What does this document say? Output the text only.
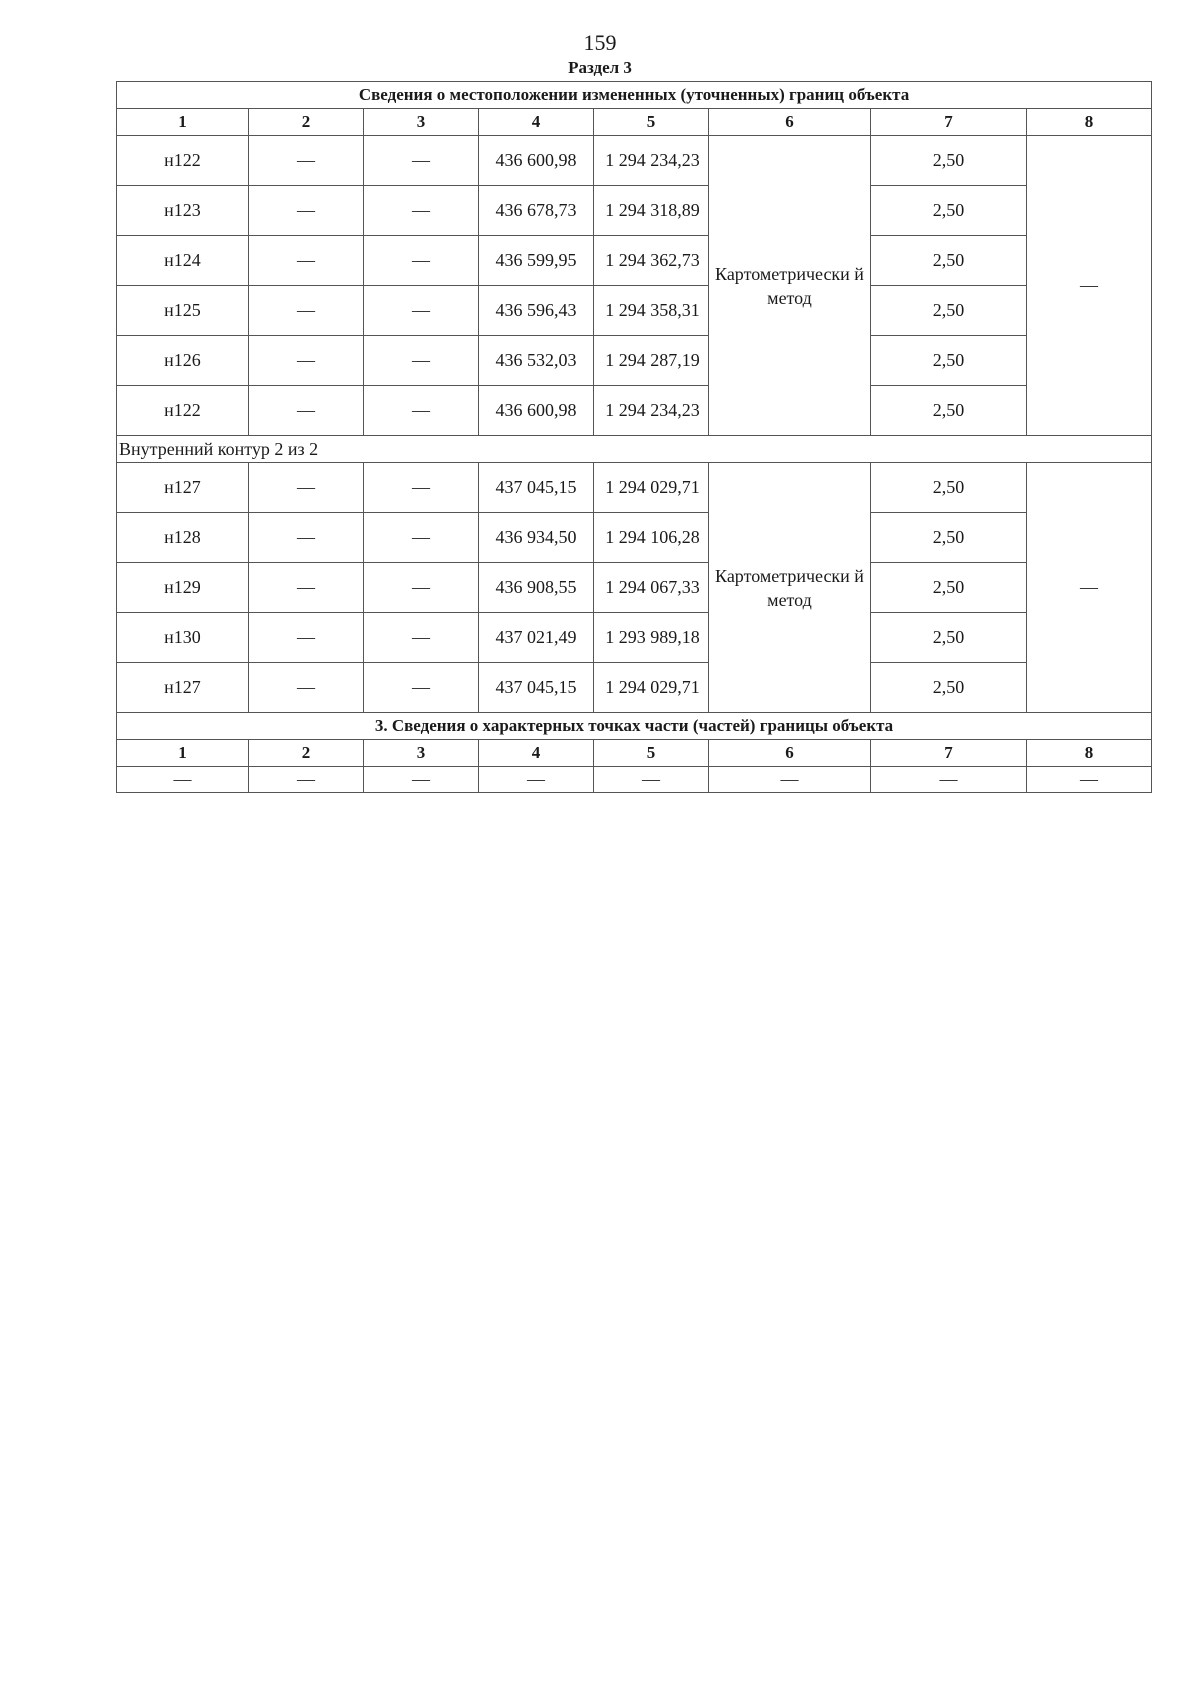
159
Раздел 3
Сведения о местоположении измененных (уточненных) границ объекта							
1	2	3	4	5	6	7	8
н122	—	—	436 600,98	1 294 234,23	Картометрически й метод	2,50	—
н123	—	—	436 678,73	1 294 318,89		2,50	
н124	—	—	436 599,95	1 294 362,73		2,50	
н125	—	—	436 596,43	1 294 358,31		2,50	
н126	—	—	436 532,03	1 294 287,19		2,50	
н122	—	—	436 600,98	1 294 234,23		2,50	
Внутренний контур 2 из 2							
н127	—	—	437 045,15	1 294 029,71	Картометрически й метод	2,50	—
н128	—	—	436 934,50	1 294 106,28		2,50	
н129	—	—	436 908,55	1 294 067,33		2,50	
н130	—	—	437 021,49	1 293 989,18		2,50	
н127	—	—	437 045,15	1 294 029,71		2,50	
3. Сведения о характерных точках части (частей) границы объекта							
1	2	3	4	5	6	7	8
—	—	—	—	—	—	—	—
